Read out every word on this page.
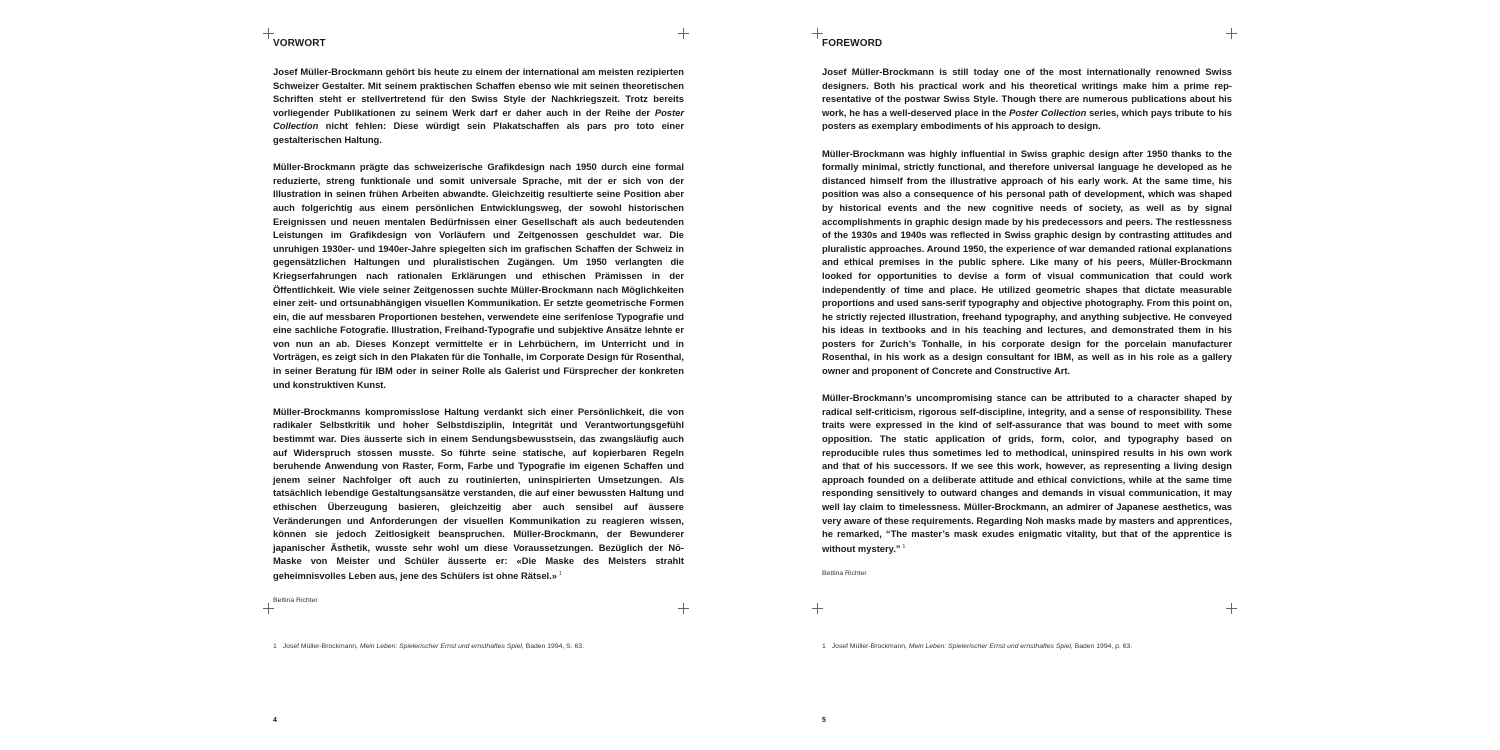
VORWORT

Josef Müller-Brockmann gehört bis heute zu einem der international am meisten rezipierten Schweizer Gestalter. Mit seinem praktischen Schaffen ebenso wie mit seinen theoretischen Schriften steht er stellvertretend für den Swiss Style der Nachkriegszeit. Trotz bereits vorliegender Publikationen zu seinem Werk darf er daher auch in der Reihe der Poster Collection nicht fehlen: Diese würdigt sein Plakatschaffen als pars pro toto einer gestalterischen Haltung.

Müller-Brockmann prägte das schweizerische Grafikdesign nach 1950 durch eine formal reduzierte, streng funktionale und somit universale Sprache, mit der er sich von der Illustration in seinen frühen Arbeiten abwandte. Gleichzeitig resultierte seine Position aber auch folgerichtig aus einem persönlichen Entwicklungsweg, der sowohl historischen Ereignissen und neuen mentalen Bedürfnissen einer Gesellschaft als auch bedeutenden Leistungen im Grafikdesign von Vorläufern und Zeitgenossen geschuldet war. Die unruhigen 1930er- und 1940er-Jahre spiegelten sich im grafischen Schaffen der Schweiz in gegensätzlichen Haltungen und pluralistischen Zugängen. Um 1950 verlangten die Kriegserfahrungen nach rationalen Erklärungen und ethischen Prämissen in der Öffentlichkeit. Wie viele seiner Zeitgenossen suchte Müller-Brockmann nach Möglichkeiten einer zeit- und ortsunabhängigen visuellen Kommunikation. Er setzte geometrische Formen ein, die auf messbaren Proportionen bestehen, verwendete eine serifenlose Typografie und eine sachliche Fotografie. Illustration, Freihand-Typografie und subjektive Ansätze lehnte er von nun an ab. Dieses Konzept vermittelte er in Lehrbüchern, im Unterricht und in Vorträgen, es zeigt sich in den Plakaten für die Tonhalle, im Corporate Design für Rosenthal, in seiner Beratung für IBM oder in seiner Rolle als Galerist und Fürsprecher der konkreten und konstruktiven Kunst.

Müller-Brockmanns kompromisslose Haltung verdankt sich einer Persönlichkeit, die von radikaler Selbstkritik und hoher Selbstdisziplin, Integrität und Verantwortungsgefühl bestimmt war. Dies äusserte sich in einem Sendungsbewusstsein, das zwangsläufig auch auf Widerspruch stossen musste. So führte seine statische, auf kopierbaren Regeln beruhende Anwendung von Raster, Form, Farbe und Typografie im eigenen Schaffen und jenem seiner Nachfolger oft auch zu routinierten, uninspirierten Umsetzungen. Als tatsächlich lebendige Gestaltungsansätze verstanden, die auf einer bewussten Haltung und ethischen Überzeugung basieren, gleichzeitig aber auch sensibel auf äussere Veränderungen und Anforderungen der visuellen Kommunikation zu reagieren wissen, können sie jedoch Zeitlosigkeit beanspruchen. Müller-Brockmann, der Bewunderer japanischer Ästhetik, wusste sehr wohl um diese Voraussetzungen. Bezüglich der Nō-Maske von Meister und Schüler äusserte er: «Die Maske des Meisters strahlt geheimnisvolles Leben aus, jene des Schülers ist ohne Rätsel.» $^1$

Bettina Richter

1 Josef Müller-Brockmann, Mein Leben: Spielerischer Ernst und ernsthaftes Spiel, Baden 1994, S. 63.
4
FOREWORD

Josef Müller-Brockmann is still today one of the most internationally renowned Swiss designers. Both his practical work and his theoretical writings make him a prime representative of the postwar Swiss Style. Though there are numerous publications about his work, he has a well-deserved place in the Poster Collection series, which pays tribute to his posters as exemplary embodiments of his approach to design.

Müller-Brockmann was highly influential in Swiss graphic design after 1950 thanks to the formally minimal, strictly functional, and therefore universal language he developed as he distanced himself from the illustrative approach of his early work. At the same time, his position was also a consequence of his personal path of development, which was shaped by historical events and the new cognitive needs of society, as well as by signal accomplishments in graphic design made by his predecessors and peers. The restlessness of the 1930s and 1940s was reflected in Swiss graphic design by contrasting attitudes and pluralistic approaches. Around 1950, the experience of war demanded rational explanations and ethical premises in the public sphere. Like many of his peers, Müller-Brockmann looked for opportunities to devise a form of visual communication that could work independently of time and place. He utilized geometric shapes that dictate measurable proportions and used sans-serif typography and objective photography. From this point on, he strictly rejected illustration, freehand typography, and anything subjective. He conveyed his ideas in textbooks and in his teaching and lectures, and demonstrated them in his posters for Zurich’s Tonhalle, in his corporate design for the porcelain manufacturer Rosenthal, in his work as a design consultant for IBM, as well as in his role as a gallery owner and proponent of Concrete and Constructive Art.

Müller-Brockmann’s uncompromising stance can be attributed to a character shaped by radical self-criticism, rigorous self-discipline, integrity, and a sense of responsibility. These traits were expressed in the kind of self-assurance that was bound to meet with some opposition. The static application of grids, form, color, and typography based on reproducible rules thus sometimes led to methodical, uninspired results in his own work and that of his successors. If we see this work, however, as representing a living design approach founded on a deliberate attitude and ethical convictions, while at the same time responding sensitively to outward changes and demands in visual communication, it may well lay claim to timelessness. Müller-Brockmann, an admirer of Japanese aesthetics, was very aware of these requirements. Regarding Noh masks made by masters and apprentices, he remarked, “The master’s mask exudes enigmatic vitality, but that of the apprentice is without mystery.” $^1$

Bettina Richter

1 Josef Müller-Brockmann, Mein Leben: Spielerischer Ernst und ernsthaftes Spiel, Baden 1994, p. 63.
5
